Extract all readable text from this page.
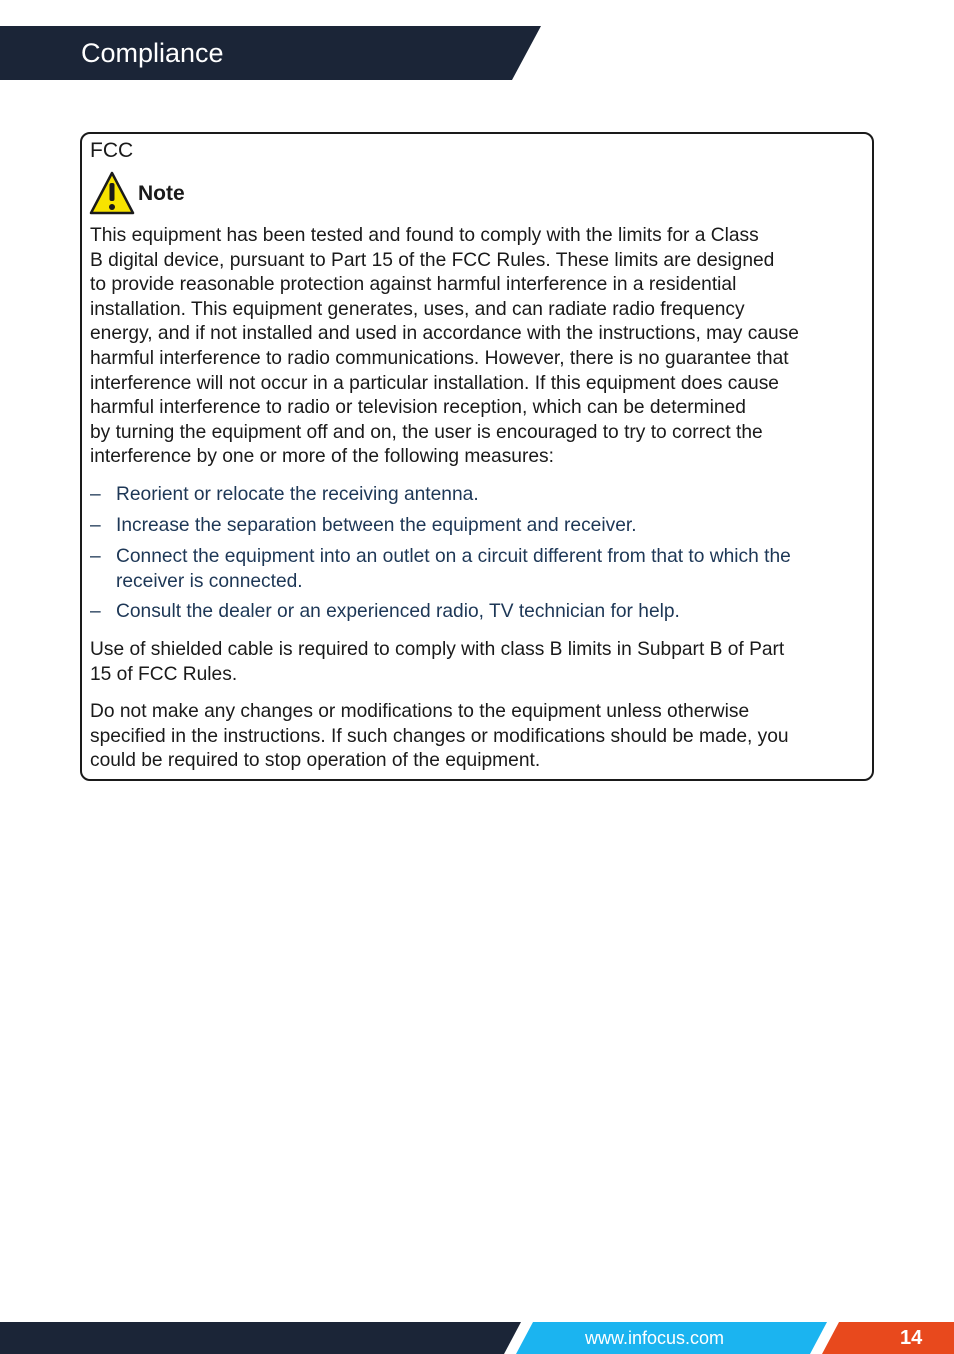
Compliance
FCC
Note
This equipment has been tested and found to comply with the limits for a Class
B digital device, pursuant to Part 15 of the FCC Rules. These limits are designed
to provide reasonable protection against harmful interference in a residential
installation. This equipment generates, uses, and can radiate radio frequency
energy, and if not installed and used in accordance with the instructions, may cause
harmful interference to radio communications. However, there is no guarantee that
interference will not occur in a particular installation. If this equipment does cause
harmful interference to radio or television reception, which can be determined
by turning the equipment off and on, the user is encouraged to try to correct the
interference by one or more of the following measures:
– Reorient or relocate the receiving antenna.
– Increase the separation between the equipment and receiver.
– Connect the equipment into an outlet on a circuit different from that to which the
receiver is connected.
– Consult the dealer or an experienced radio, TV technician for help.
Use of shielded cable is required to comply with class B limits in Subpart B of Part
15 of FCC Rules.
Do not make any changes or modifications to the equipment unless otherwise
specified in the instructions. If such changes or modifications should be made, you
could be required to stop operation of the equipment.
www.infocus.com	14
